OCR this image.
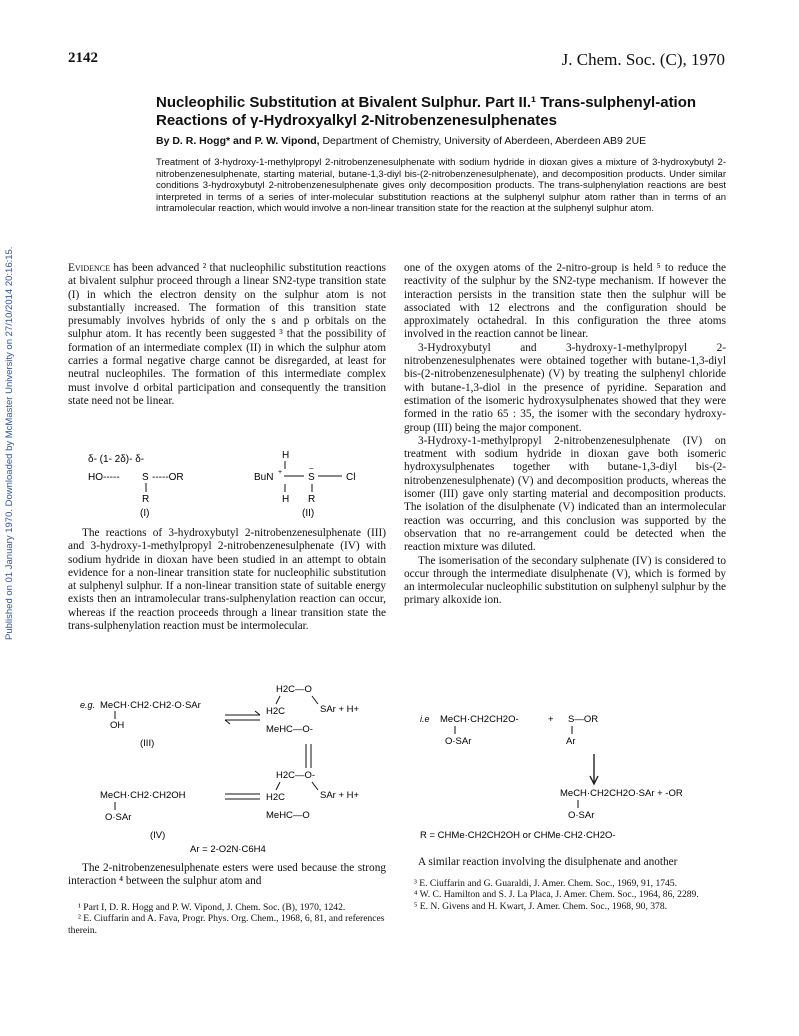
Published on 01 January 1970. Downloaded by McMaster University on 27/10/2014 20:16:15.
2142	J. Chem. Soc. (C), 1970
Nucleophilic Substitution at Bivalent Sulphur. Part II.¹ Trans-sulphenyl-ation Reactions of γ-Hydroxyalkyl 2-Nitrobenzenesulphenates
By D. R. Hogg* and P. W. Vipond, Department of Chemistry, University of Aberdeen, Aberdeen AB9 2UE
Treatment of 3-hydroxy-1-methylpropyl 2-nitrobenzenesulphenate with sodium hydride in dioxan gives a mixture of 3-hydroxybutyl 2-nitrobenzenesulphenate, starting material, butane-1,3-diyl bis-(2-nitrobenzenesulphenate), and decomposition products. Under similar conditions 3-hydroxybutyl 2-nitrobenzenesulphenate gives only decomposition products. The trans-sulphenylation reactions are best interpreted in terms of a series of inter-molecular substitution reactions at the sulphenyl sulphur atom rather than in terms of an intramolecular reaction, which would involve a non-linear transition state for the reaction at the sulphenyl sulphur atom.

Evidence has been advanced ² that nucleophilic substitution reactions at bivalent sulphur proceed through a linear SN2-type transition state (I) in which the electron density on the sulphur atom is not substantially increased. The formation of this transition state presumably involves hybrids of only the s and p orbitals on the sulphur atom. It has recently been suggested ³ that the possibility of formation of an intermediate complex (II) in which the sulphur atom carries a formal negative charge cannot be disregarded, at least for neutral nucleophiles. The formation of this intermediate complex must involve d orbital participation and consequently the transition state need not be linear.

δ- (1- 2δ)- δ-
HO----- S -----OR
R
(I)
H
BuN +	S
−
Cl
H R
(II)

The reactions of 3-hydroxybutyl 2-nitrobenzenesulphenate (III) and 3-hydroxy-1-methylpropyl 2-nitrobenzenesulphenate (IV) with sodium hydride in dioxan have been studied in an attempt to obtain evidence for a non-linear transition state for nucleophilic substitution at sulphenyl sulphur. If a non-linear transition state of suitable energy exists then an intramolecular trans-sulphenylation reaction can occur, whereas if the reaction proceeds through a linear transition state the trans-sulphenylation reaction must be intermolecular.

e.g. MeCH·CH2·CH2·O·SAr
OH
(III)
H2C—O
H2C	SAr + H+
MeHC—O-
H2C—O-
H2C	SAr + H+
MeHC—O
MeCH·CH2·CH2OH
O·SAr
(IV)
Ar = 2-O2N·C6H4

The 2-nitrobenzenesulphenate esters were used because the strong interaction ⁴ between the sulphur atom and

¹ Part I, D. R. Hogg and P. W. Vipond, J. Chem. Soc. (B), 1970, 1242.

² E. Ciuffarin and A. Fava, Progr. Phys. Org. Chem., 1968, 6, 81, and references therein.

one of the oxygen atoms of the 2-nitro-group is held ⁵ to reduce the reactivity of the sulphur by the SN2-type mechanism. If however the interaction persists in the transition state then the sulphur will be associated with 12 electrons and the configuration should be approximately octahedral. In this configuration the three atoms involved in the reaction cannot be linear.

3-Hydroxybutyl and 3-hydroxy-1-methylpropyl 2-nitrobenzenesulphenates were obtained together with butane-1,3-diyl bis-(2-nitrobenzenesulphenate) (V) by treating the sulphenyl chloride with butane-1,3-diol in the presence of pyridine. Separation and estimation of the isomeric hydroxysulphenates showed that they were formed in the ratio 65 : 35, the isomer with the secondary hydroxy-group (III) being the major component.

3-Hydroxy-1-methylpropyl 2-nitrobenzenesulphenate (IV) on treatment with sodium hydride in dioxan gave both isomeric hydroxysulphenates together with butane-1,3-diyl bis-(2-nitrobenzenesulphenate) (V) and decomposition products, whereas the isomer (III) gave only starting material and decomposition products. The isolation of the disulphenate (V) indicated than an intermolecular reaction was occurring, and this conclusion was supported by the observation that no re-arrangement could be detected when the reaction mixture was diluted.

The isomerisation of the secondary sulphenate (IV) is considered to occur through the intermediate disulphenate (V), which is formed by an intermolecular nucleophilic substitution on sulphenyl sulphur by the primary alkoxide ion.

i.e MeCH·CH2CH2O-	+ S—OR
O·SAr	Ar
MeCH·CH2CH2O·SAr + -OR
O·SAr
R = CHMe·CH2CH2OH or CHMe·CH2·CH2O-

A similar reaction involving the disulphenate and another

³ E. Ciuffarin and G. Guaraldi, J. Amer. Chem. Soc., 1969, 91, 1745.

⁴ W. C. Hamilton and S. J. La Placa, J. Amer. Chem. Soc., 1964, 86, 2289.

⁵ E. N. Givens and H. Kwart, J. Amer. Chem. Soc., 1968, 90, 378.
